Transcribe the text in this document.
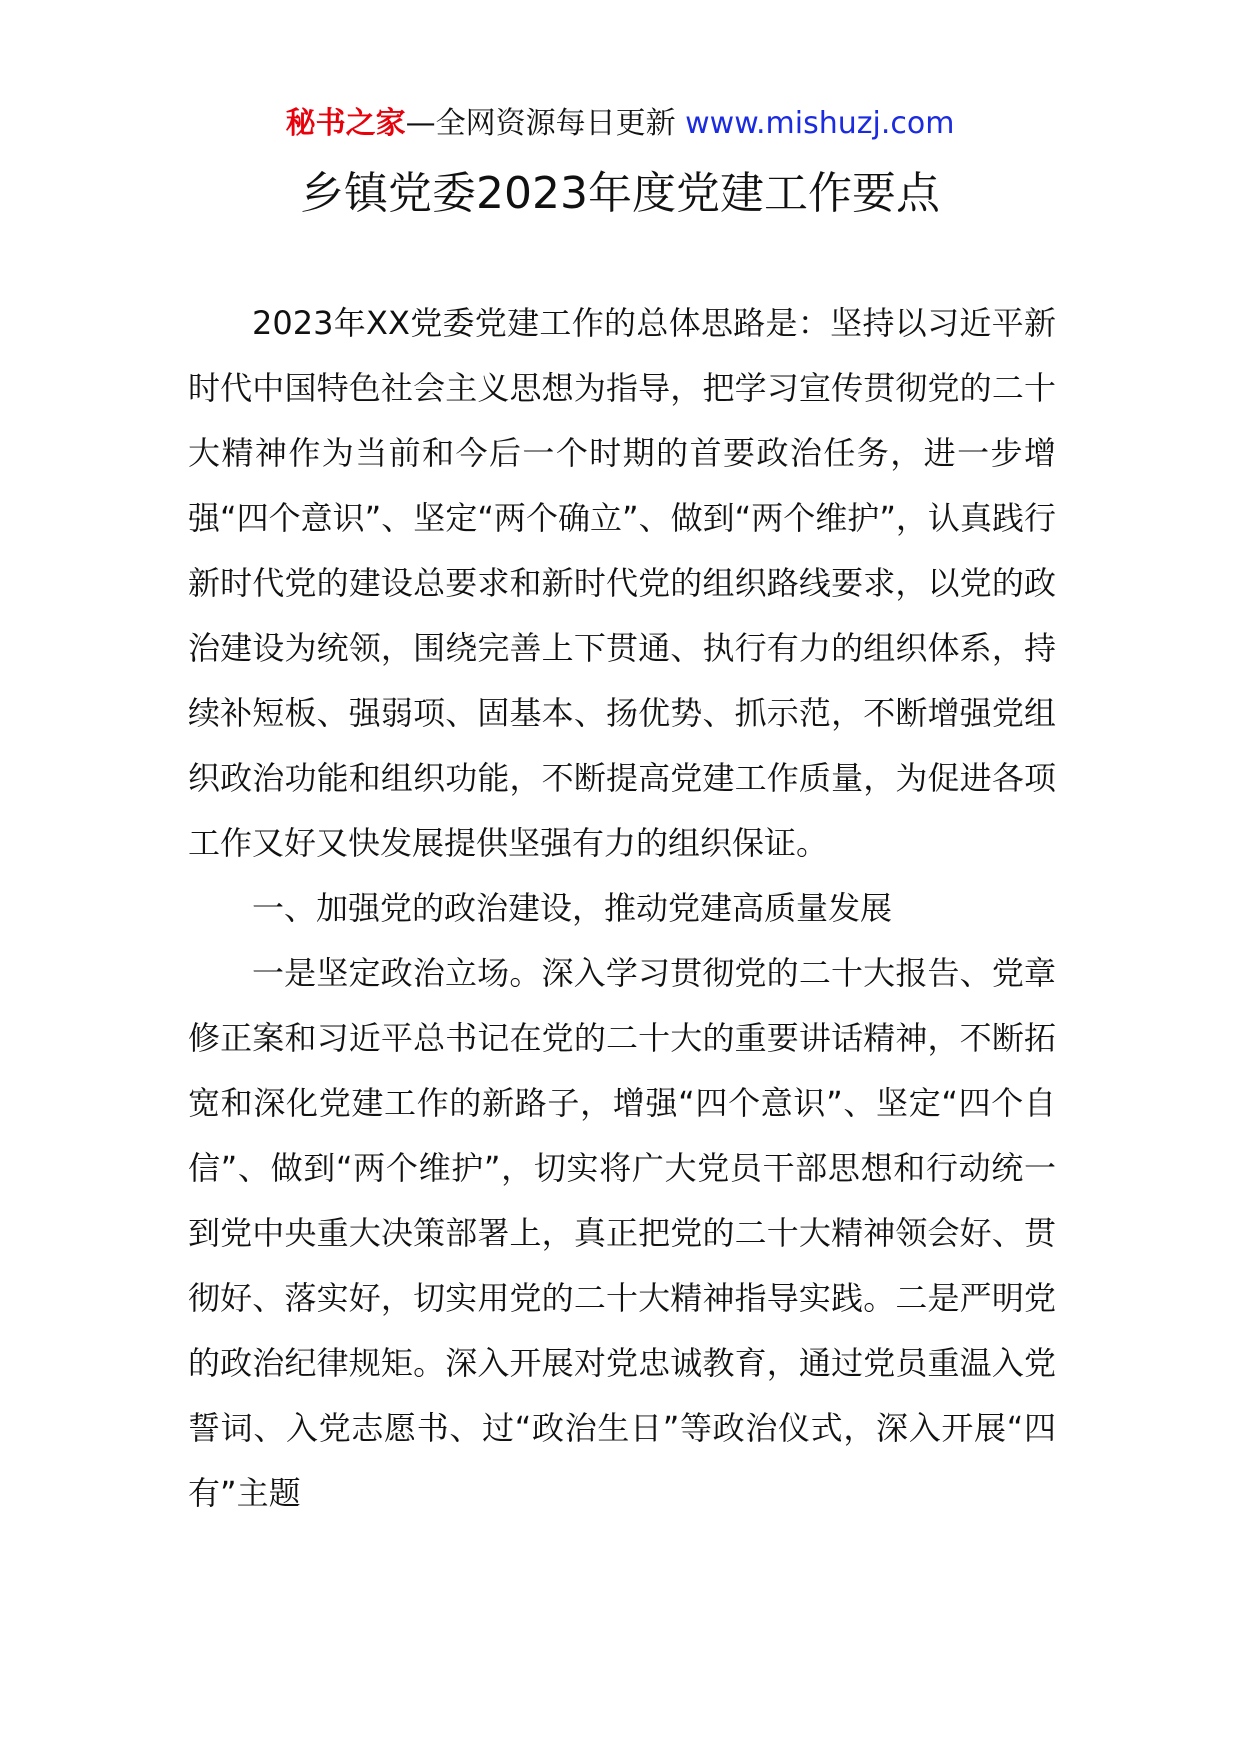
秘书之家—全网资源每日更新 www.mishuzj.com
乡镇党委2023年度党建工作要点

2023年XX党委党建工作的总体思路是：坚持以习近平新时代中国特色社会主义思想为指导，把学习宣传贯彻党的二十大精神作为当前和今后一个时期的首要政治任务，进一步增强“四个意识”、坚定“两个确立”、做到“两个维护”，认真践行新时代党的建设总要求和新时代党的组织路线要求，以党的政治建设为统领，围绕完善上下贯通、执行有力的组织体系，持续补短板、强弱项、固基本、扬优势、抓示范，不断增强党组织政治功能和组织功能，不断提高党建工作质量，为促进各项工作又好又快发展提供坚强有力的组织保证。

一、加强党的政治建设，推动党建高质量发展

一是坚定政治立场。深入学习贯彻党的二十大报告、党章修正案和习近平总书记在党的二十大的重要讲话精神，不断拓宽和深化党建工作的新路子，增强“四个意识”、坚定“四个自信”、做到“两个维护”，切实将广大党员干部思想和行动统一到党中央重大决策部署上，真正把党的二十大精神领会好、贯彻好、落实好，切实用党的二十大精神指导实践。二是严明党的政治纪律规矩。深入开展对党忠诚教育，通过党员重温入党誓词、入党志愿书、过“政治生日”等政治仪式，深入开展“四有”主题
